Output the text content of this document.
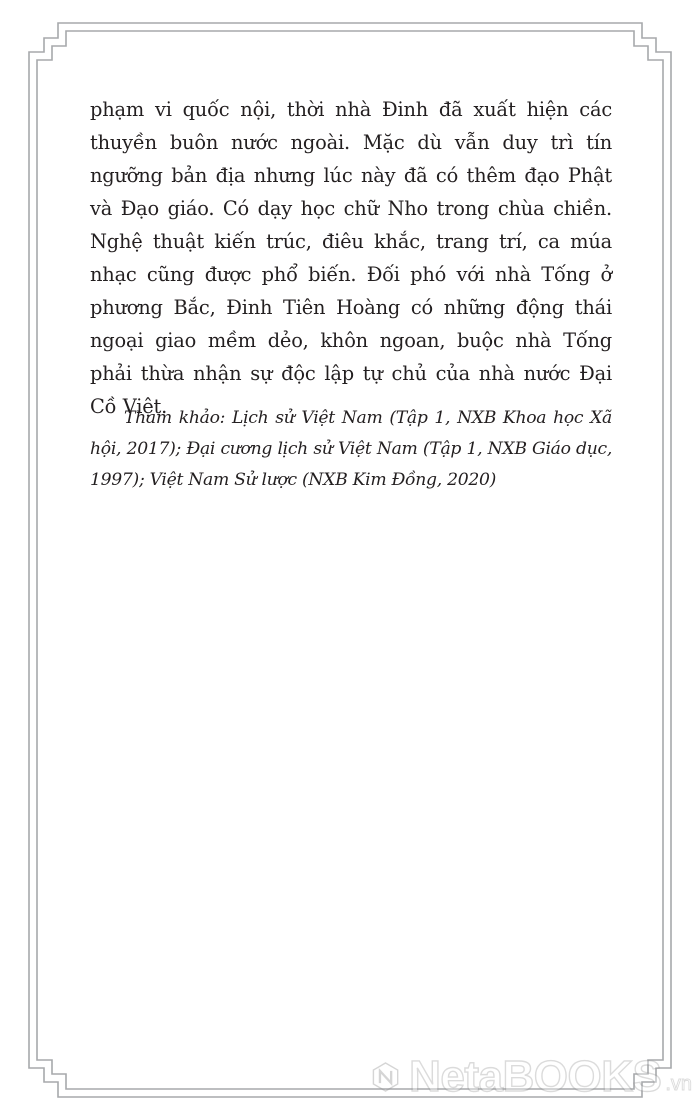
phạm vi quốc nội, thời nhà Đinh đã xuất hiện các thuyền buôn nước ngoài. Mặc dù vẫn duy trì tín ngưỡng bản địa nhưng lúc này đã có thêm đạo Phật và Đạo giáo. Có dạy học chữ Nho trong chùa chiền. Nghệ thuật kiến trúc, điêu khắc, trang trí, ca múa nhạc cũng được phổ biến. Đối phó với nhà Tống ở phương Bắc, Đinh Tiên Hoàng có những động thái ngoại giao mềm dẻo, khôn ngoan, buộc nhà Tống phải thừa nhận sự độc lập tự chủ của nhà nước Đại Cồ Việt.
Tham khảo: Lịch sử Việt Nam (Tập 1, NXB Khoa học Xã hội, 2017); Đại cương lịch sử Việt Nam (Tập 1, NXB Giáo dục, 1997); Việt Nam Sử lược (NXB Kim Đồng, 2020)
NetaBOOKS .vn
